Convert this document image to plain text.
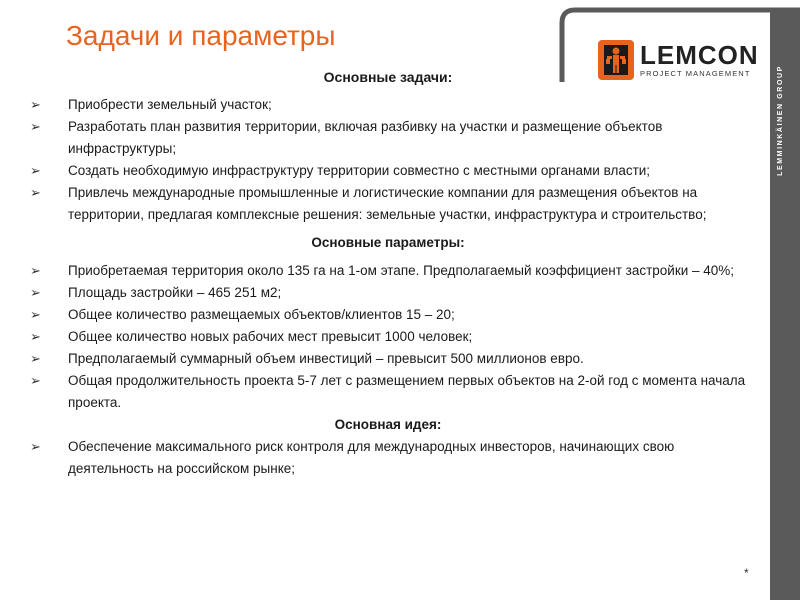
LEMMINKÄINEN GROUP
Задачи и параметры
LEMCON
PROJECT MANAGEMENT
Основные задачи:
➢ Приобрести земельный участок;
➢ Разработать план развития территории, включая разбивку на участки и размещение объектов инфраструктуры;
➢ Создать необходимую инфраструктуру территории совместно с местными органами власти;
➢ Привлечь международные промышленные и логистические компании для размещения объектов на территории, предлагая комплексные решения: земельные участки, инфраструктура и строительство;
Основные параметры:
➢ Приобретаемая территория около 135 га на 1-ом этапе. Предполагаемый коэффициент застройки – 40%;
➢ Площадь застройки – 465 251 м2;
➢ Общее количество размещаемых объектов/клиентов 15 – 20;
➢ Общее количество новых рабочих мест превысит 1000 человек;
➢ Предполагаемый суммарный объем инвестиций – превысит 500 миллионов евро.
➢ Общая продолжительность проекта 5-7 лет с размещением первых объектов на 2-ой год с момента начала проекта.
Основная идея:
➢ Обеспечение максимального риск контроля для международных инвесторов, начинающих свою деятельность на российском рынке;
*
